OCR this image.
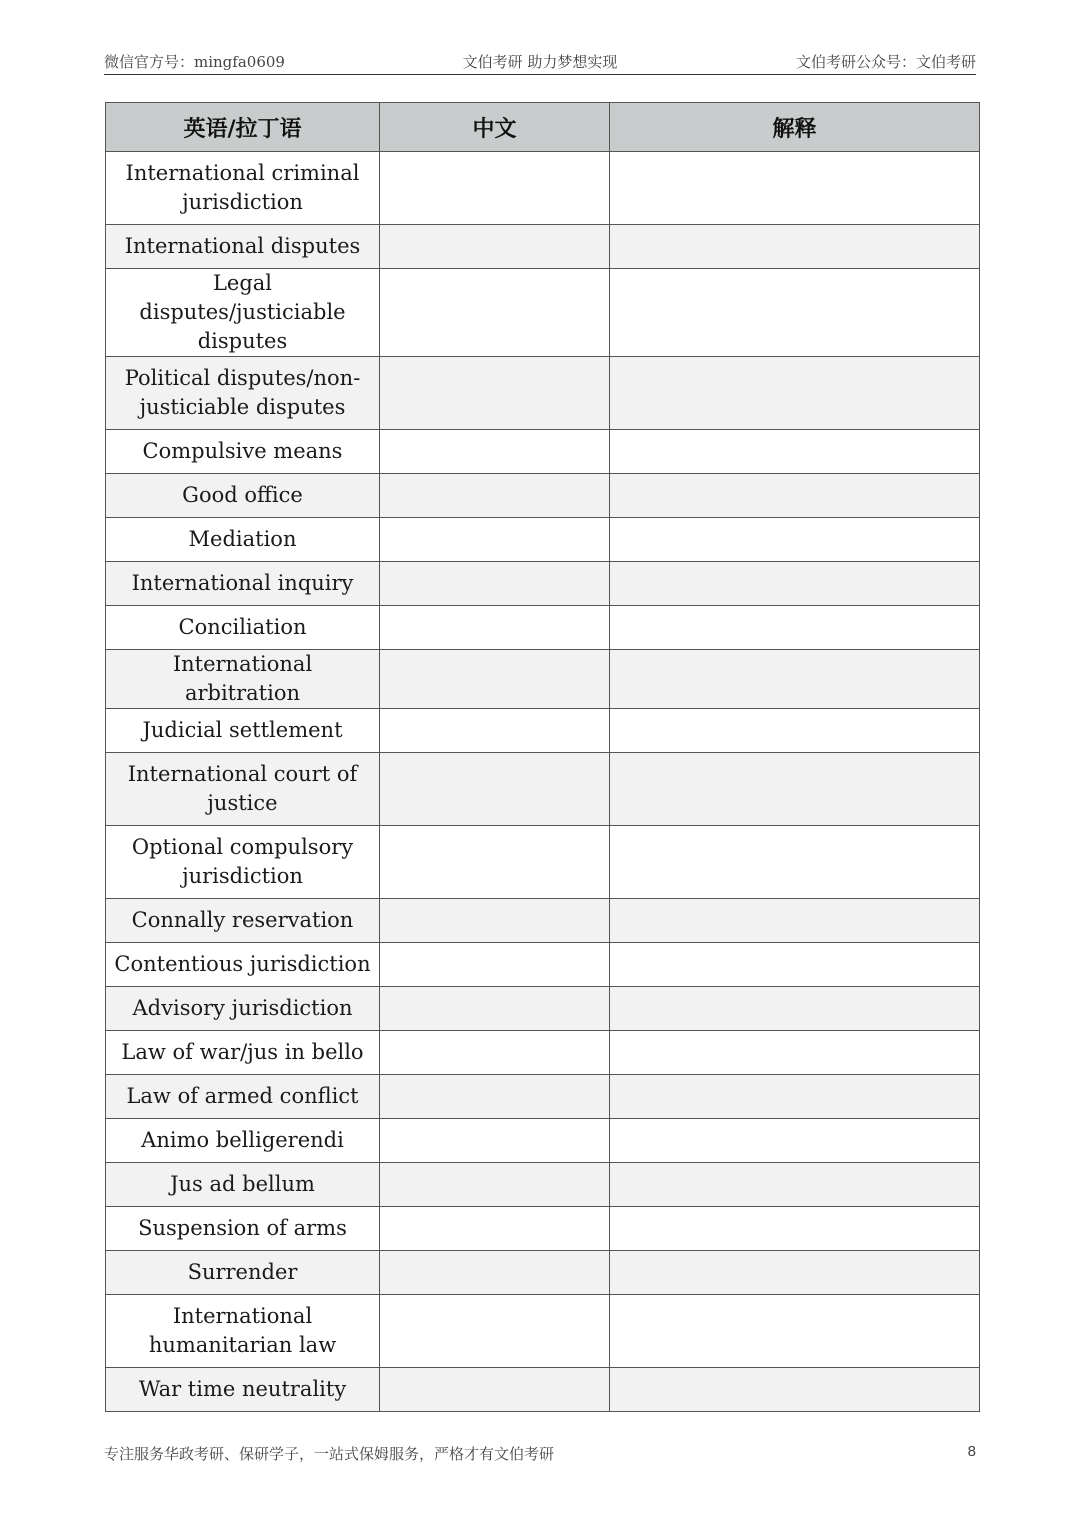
微信官方号：mingfa0609	文伯考研 助力梦想实现	文伯考研公众号：文伯考研
英语/拉丁语	中文	解释
International criminal jurisdiction		
International disputes		
Legal disputes/justiciable disputes		
Political disputes/non-justiciable disputes		
Compulsive means		
Good office		
Mediation		
International inquiry		
Conciliation		
International arbitration		
Judicial settlement		
International court of justice		
Optional compulsory jurisdiction		
Connally reservation		
Contentious jurisdiction		
Advisory jurisdiction		
Law of war/jus in bello		
Law of armed conflict		
Animo belligerendi		
Jus ad bellum		
Suspension of arms		
Surrender		
International humanitarian law		
War time neutrality		
专注服务华政考研、保研学子，一站式保姆服务，严格才有文伯考研	8
